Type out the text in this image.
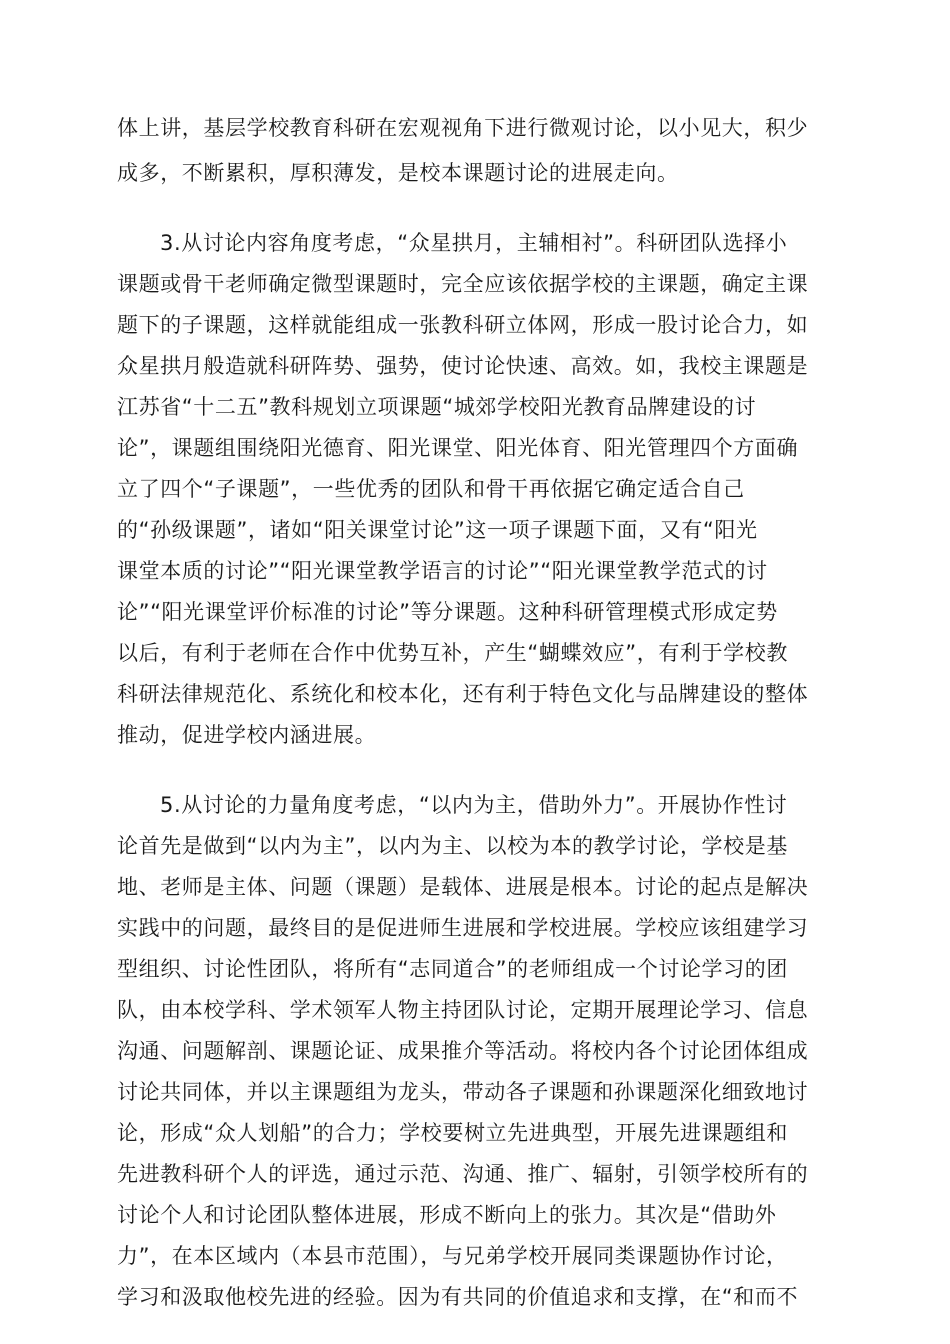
体上讲，基层学校教育科研在宏观视角下进行微观讨论，以小见大，积少
成多，不断累积，厚积薄发，是校本课题讨论的进展走向。
3.从讨论内容角度考虑，“众星拱月，主辅相衬”。科研团队选择小
课题或骨干老师确定微型课题时，完全应该依据学校的主课题，确定主课
题下的子课题，这样就能组成一张教科研立体网，形成一股讨论合力，如
众星拱月般造就科研阵势、强势，使讨论快速、高效。如，我校主课题是
江苏省“十二五”教科规划立项课题“城郊学校阳光教育品牌建设的讨
论”，课题组围绕阳光德育、阳光课堂、阳光体育、阳光管理四个方面确
立了四个“子课题”，一些优秀的团队和骨干再依据它确定适合自己
的“孙级课题”，诸如“阳关课堂讨论”这一项子课题下面，又有“阳光
课堂本质的讨论”“阳光课堂教学语言的讨论”“阳光课堂教学范式的讨
论”“阳光课堂评价标准的讨论”等分课题。这种科研管理模式形成定势
以后，有利于老师在合作中优势互补，产生“蝴蝶效应”，有利于学校教
科研法律规范化、系统化和校本化，还有利于特色文化与品牌建设的整体
推动，促进学校内涵进展。
5.从讨论的力量角度考虑，“以内为主，借助外力”。开展协作性讨
论首先是做到“以内为主”，以内为主、以校为本的教学讨论，学校是基
地、老师是主体、问题（课题）是载体、进展是根本。讨论的起点是解决
实践中的问题，最终目的是促进师生进展和学校进展。学校应该组建学习
型组织、讨论性团队，将所有“志同道合”的老师组成一个讨论学习的团
队，由本校学科、学术领军人物主持团队讨论，定期开展理论学习、信息
沟通、问题解剖、课题论证、成果推介等活动。将校内各个讨论团体组成
讨论共同体，并以主课题组为龙头，带动各子课题和孙课题深化细致地讨
论，形成“众人划船”的合力；学校要树立先进典型，开展先进课题组和
先进教科研个人的评选，通过示范、沟通、推广、辐射，引领学校所有的
讨论个人和讨论团队整体进展，形成不断向上的张力。其次是“借助外
力”，在本区域内（本县市范围），与兄弟学校开展同类课题协作讨论，
学习和汲取他校先进的经验。因为有共同的价值追求和支撑，在“和而不
